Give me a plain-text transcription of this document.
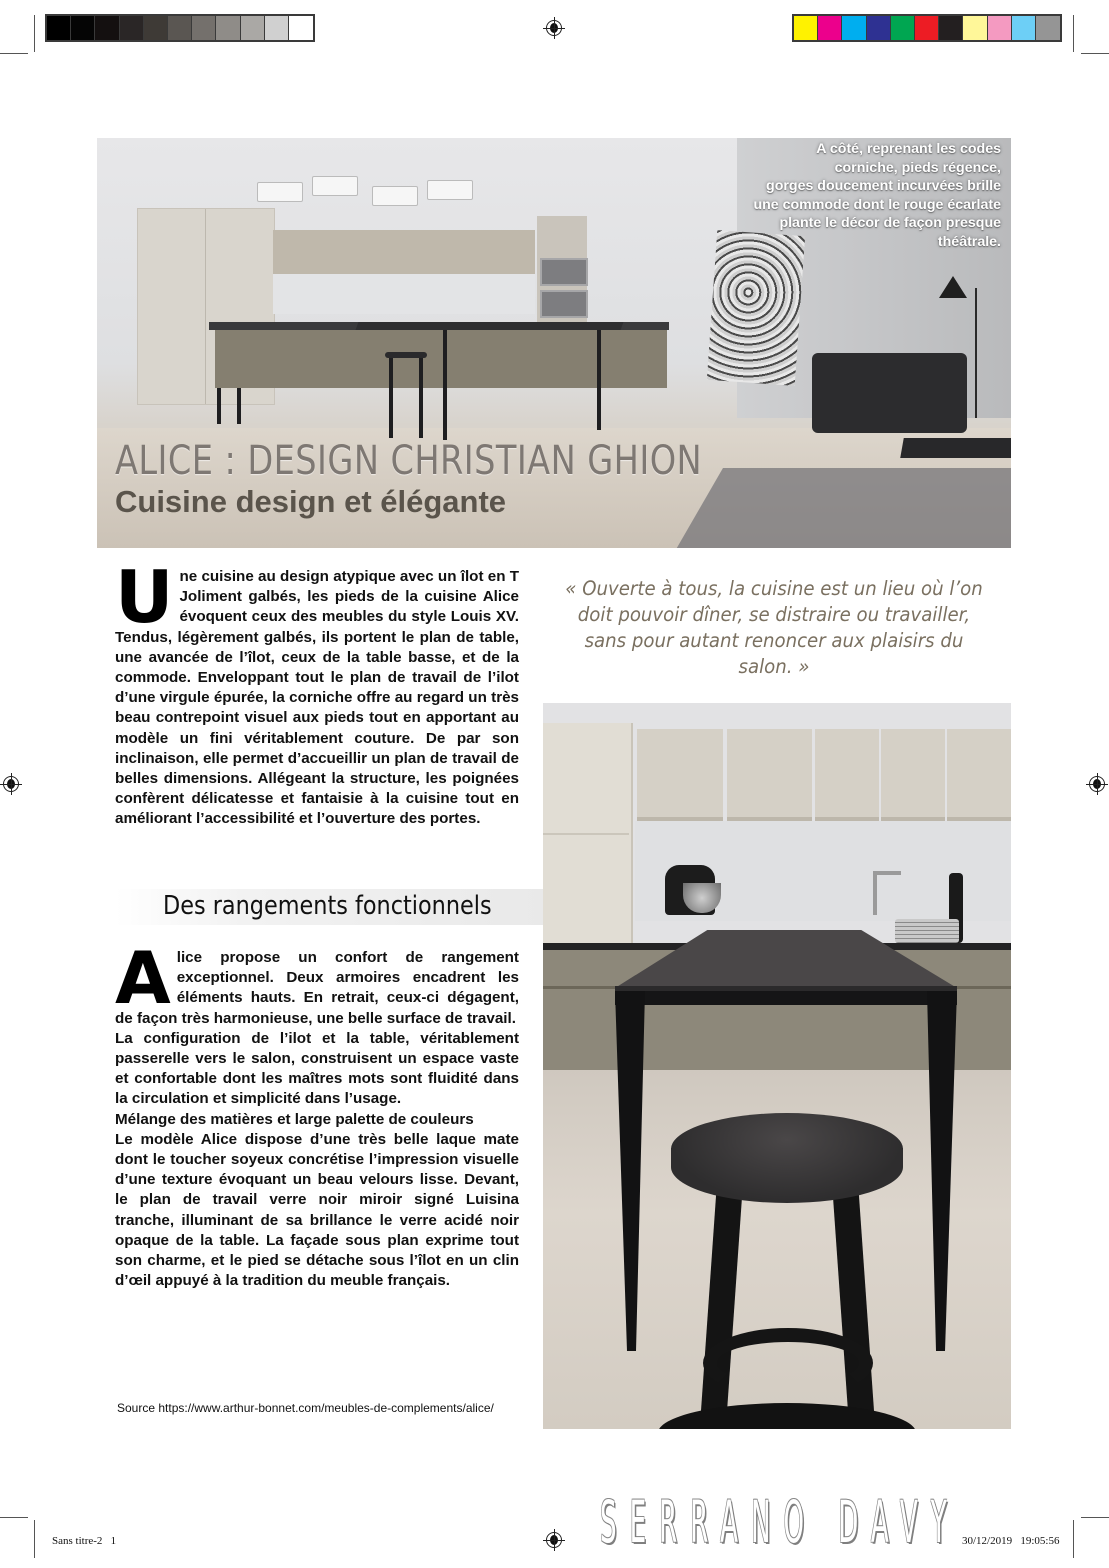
A côté, reprenant les codes
corniche, pieds régence,
gorges doucement incurvées brille
une commode dont le rouge écarlate
plante le décor de façon presque
théâtrale.
ALICE : DESIGN CHRISTIAN GHION
Cuisine design et élégante
U ne cuisine au design atypique avec un îlot en T Joliment galbés, les pieds de la cuisine Alice évoquent ceux des meubles du style Louis XV. Tendus, légèrement galbés, ils portent le plan de table, une avancée de l’îlot, ceux de la table basse, et de la commode. Enveloppant tout le plan de travail de l’ilot d’une virgule épurée, la corniche offre au regard un très beau contrepoint visuel aux pieds tout en apportant au modèle un fini véritablement couture. De par son inclinaison, elle permet d’accueillir un plan de travail de belles dimensions. Allégeant la structure, les poignées confèrent délicatesse et fantaisie à la cuisine tout en améliorant l’accessibilité et l’ouverture des portes.

« Ouverte à tous, la cuisine est un lieu où l’on doit pouvoir dîner, se distraire ou travailler, sans pour autant renoncer aux plaisirs du salon. »
Des rangements fonctionnels
A lice propose un confort de rangement exceptionnel. Deux armoires encadrent les éléments hauts. En retrait, ceux-ci dégagent, de façon très harmonieuse, une belle surface de travail.

La configuration de l’ilot et la table, véritablement passerelle vers le salon, construisent un espace vaste et confortable dont les maîtres mots sont fluidité dans la circulation et simplicité dans l’usage.

Mélange des matières et large palette de couleurs

Le modèle Alice dispose d’une très belle laque mate dont le toucher soyeux concrétise l’impression visuelle d’une texture évoquant un beau velours lisse. Devant, le plan de travail verre noir miroir signé Luisina tranche, illuminant de sa brillance le verre acidé noir opaque de la table. La façade sous plan exprime tout son charme, et le pied se détache sous l’îlot en un clin d’œil appuyé à la tradition du meuble français.

Source https://www.arthur-bonnet.com/meubles-de-complements/alice/
Sans titre-2   1	SERRANO DAVY 30/12/2019   19:05:56
